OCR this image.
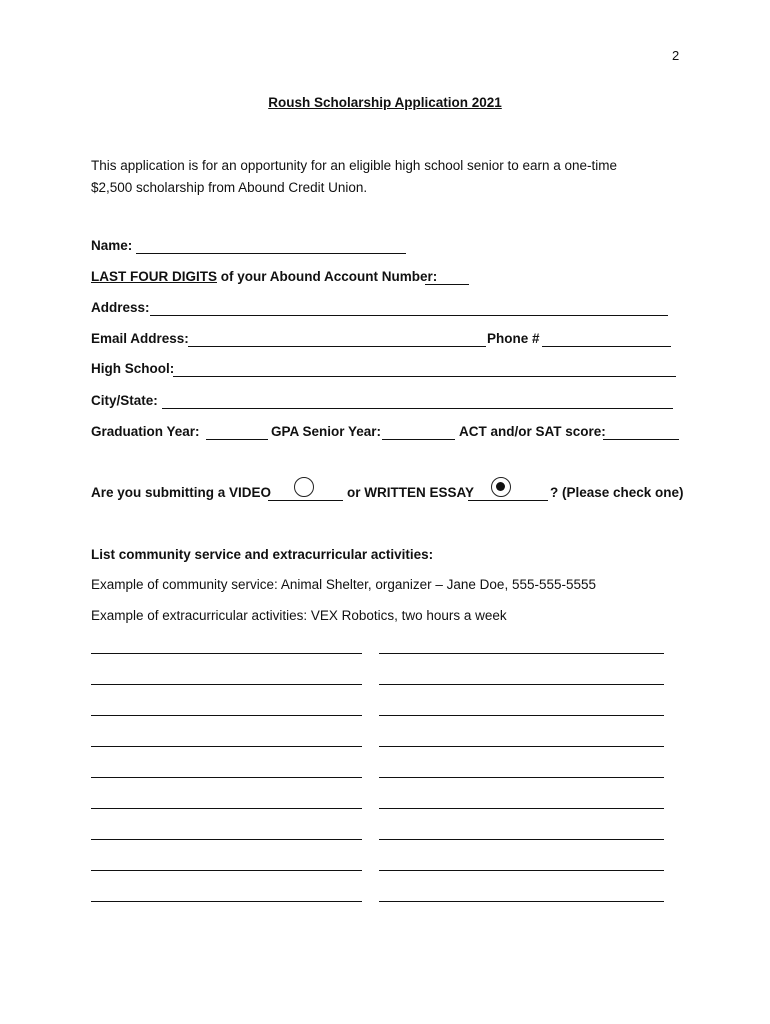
2
Roush Scholarship Application 2021
This application is for an opportunity for an eligible high school senior to earn a one-time
$2,500 scholarship from Abound Credit Union.
Name:
LAST FOUR DIGITS of your Abound Account Number:
Address:
Email Address:	Phone #
High School:
City/State:
Graduation Year:	GPA Senior Year:	ACT and/or SAT score:
Are you submitting a VIDEO	or WRITTEN ESSAY	? (Please check one)
List community service and extracurricular activities:
Example of community service: Animal Shelter, organizer – Jane Doe, 555-555-5555
Example of extracurricular activities: VEX Robotics, two hours a week
